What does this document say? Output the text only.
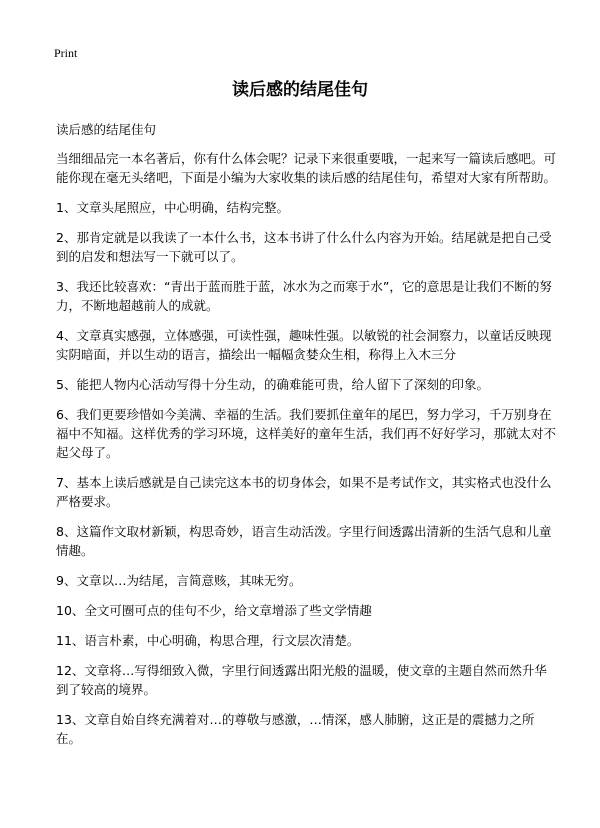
Print
读后感的结尾佳句

读后感的结尾佳句

当细细品完一本名著后，你有什么体会呢？记录下来很重要哦，一起来写一篇读后感吧。可能你现在毫无头绪吧，下面是小编为大家收集的读后感的结尾佳句，希望对大家有所帮助。

1、文章头尾照应，中心明确，结构完整。

2、那肯定就是以我读了一本什么书，这本书讲了什么什么内容为开始。结尾就是把自己受到的启发和想法写一下就可以了。

3、我还比较喜欢：“青出于蓝而胜于蓝，冰水为之而寒于水”，它的意思是让我们不断的努力，不断地超越前人的成就。

4、文章真实感强，立体感强，可读性强，趣味性强。以敏锐的社会洞察力，以童话反映现实阴暗面，并以生动的语言，描绘出一幅幅贪婪众生相，称得上入木三分

5、能把人物内心活动写得十分生动，的确难能可贵，给人留下了深刻的印象。

6、我们更要珍惜如今美满、幸福的生活。我们要抓住童年的尾巴，努力学习，千万别身在福中不知福。这样优秀的学习环境，这样美好的童年生活，我们再不好好学习，那就太对不起父母了。

7、基本上读后感就是自己读完这本书的切身体会，如果不是考试作文，其实格式也没什么严格要求。

8、这篇作文取材新颖，构思奇妙，语言生动活泼。字里行间透露出清新的生活气息和儿童情趣。

9、文章以…为结尾，言简意赅，其味无穷。

10、全文可圈可点的佳句不少，给文章增添了些文学情趣

11、语言朴素，中心明确，构思合理，行文层次清楚。

12、文章将…写得细致入微，字里行间透露出阳光般的温暖，使文章的主题自然而然升华到了较高的境界。

13、文章自始自终充满着对…的尊敬与感激，…情深，感人肺腑，这正是的震撼力之所在。
